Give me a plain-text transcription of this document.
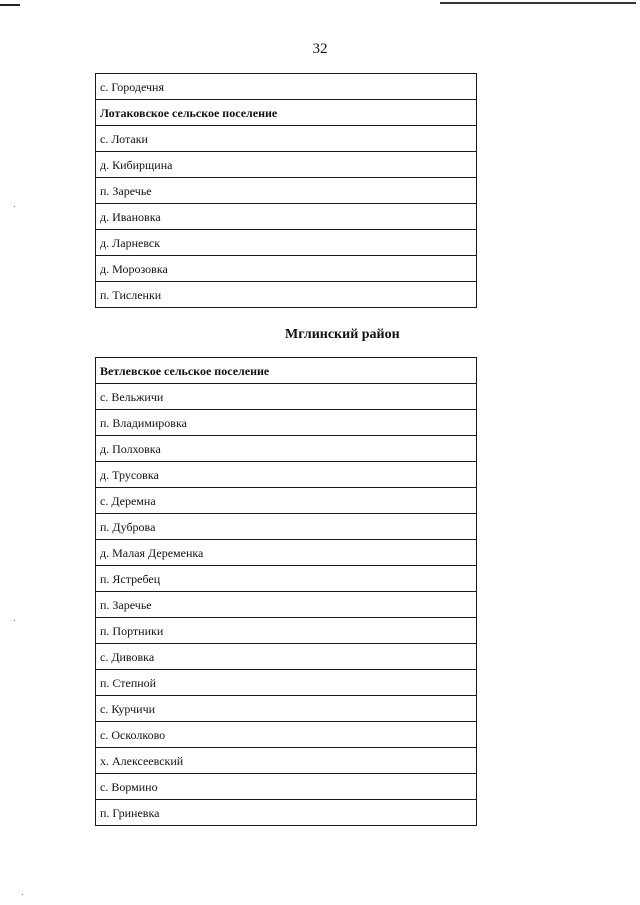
32
с. Городечня
Лотаковское сельское поселение
с. Лотаки
д. Кибирщина
п. Заречье
д. Ивановка
д. Ларневск
д. Морозовка
п. Тисленки
Мглинский район
Ветлевское сельское поселение
с. Вельжичи
п. Владимировка
д. Полховка
д. Трусовка
с. Деремна
п. Дуброва
д. Малая Деременка
п. Ястребец
п. Заречье
п. Портники
с. Дивовка
п. Степной
с. Курчичи
с. Осколково
х. Алексеевский
с. Вормино
п. Гриневка
